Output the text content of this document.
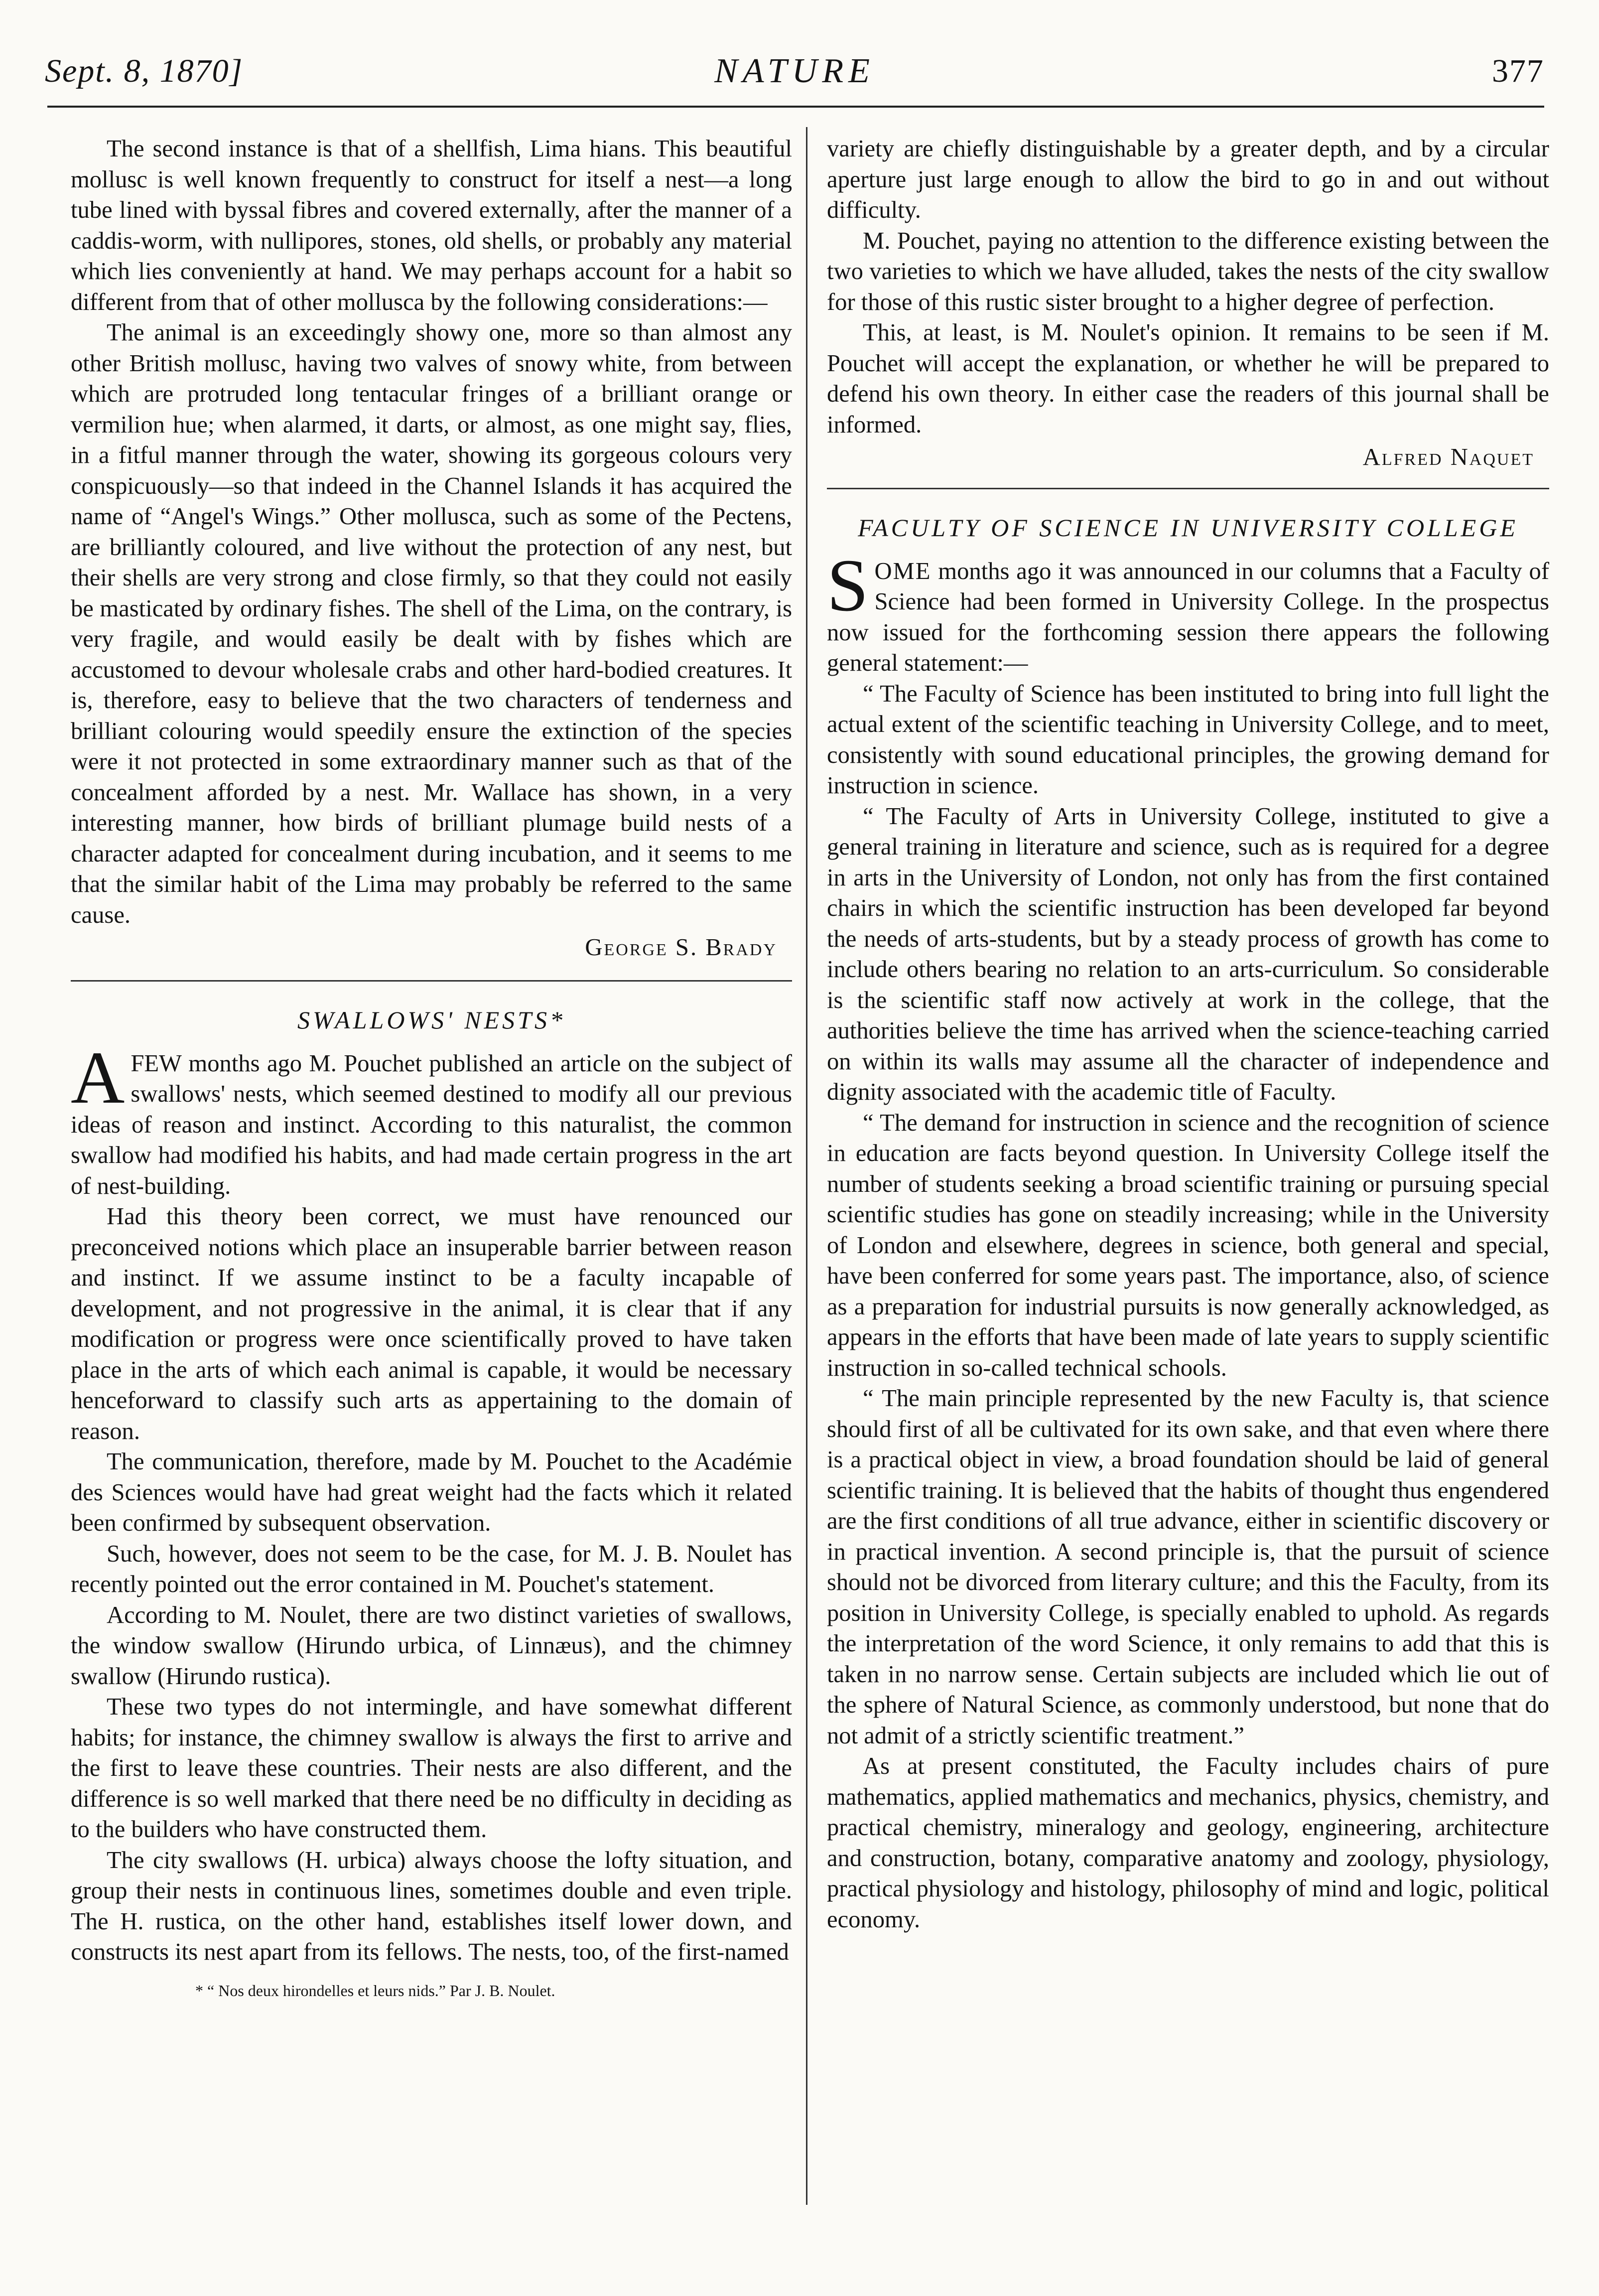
Sept. 8, 1870]	NATURE	377

The second instance is that of a shellfish, Lima hians. This beautiful mollusc is well known frequently to construct for itself a nest—a long tube lined with byssal fibres and covered externally, after the manner of a caddis-worm, with nullipores, stones, old shells, or probably any material which lies conveniently at hand. We may perhaps account for a habit so different from that of other mollusca by the following considerations:—

The animal is an exceedingly showy one, more so than almost any other British mollusc, having two valves of snowy white, from between which are protruded long tentacular fringes of a brilliant orange or vermilion hue; when alarmed, it darts, or almost, as one might say, flies, in a fitful manner through the water, showing its gorgeous colours very conspicuously—so that indeed in the Channel Islands it has acquired the name of “Angel's Wings.” Other mollusca, such as some of the Pectens, are brilliantly coloured, and live without the protection of any nest, but their shells are very strong and close firmly, so that they could not easily be masticated by ordinary fishes. The shell of the Lima, on the contrary, is very fragile, and would easily be dealt with by fishes which are accustomed to devour wholesale crabs and other hard-bodied creatures. It is, therefore, easy to believe that the two characters of tenderness and brilliant colouring would speedily ensure the extinction of the species were it not protected in some extraordinary manner such as that of the concealment afforded by a nest. Mr. Wallace has shown, in a very interesting manner, how birds of brilliant plumage build nests of a character adapted for concealment during incubation, and it seems to me that the similar habit of the Lima may probably be referred to the same cause.

George S. Brady
SWALLOWS' NESTS*

AFEW months ago M. Pouchet published an article on the subject of swallows' nests, which seemed destined to modify all our previous ideas of reason and instinct. According to this naturalist, the common swallow had modified his habits, and had made certain progress in the art of nest-building.

Had this theory been correct, we must have renounced our preconceived notions which place an insuperable barrier between reason and instinct. If we assume instinct to be a faculty incapable of development, and not progressive in the animal, it is clear that if any modification or progress were once scientifically proved to have taken place in the arts of which each animal is capable, it would be necessary henceforward to classify such arts as appertaining to the domain of reason.

The communication, therefore, made by M. Pouchet to the Académie des Sciences would have had great weight had the facts which it related been confirmed by subsequent observation.

Such, however, does not seem to be the case, for M. J. B. Noulet has recently pointed out the error contained in M. Pouchet's statement.

According to M. Noulet, there are two distinct varieties of swallows, the window swallow (Hirundo urbica, of Linnæus), and the chimney swallow (Hirundo rustica).

These two types do not intermingle, and have somewhat different habits; for instance, the chimney swallow is always the first to arrive and the first to leave these countries. Their nests are also different, and the difference is so well marked that there need be no difficulty in deciding as to the builders who have constructed them.

The city swallows (H. urbica) always choose the lofty situation, and group their nests in continuous lines, sometimes double and even triple. The H. rustica, on the other hand, establishes itself lower down, and constructs its nest apart from its fellows. The nests, too, of the first-named

* “ Nos deux hirondelles et leurs nids.” Par J. B. Noulet.

variety are chiefly distinguishable by a greater depth, and by a circular aperture just large enough to allow the bird to go in and out without difficulty.

M. Pouchet, paying no attention to the difference existing between the two varieties to which we have alluded, takes the nests of the city swallow for those of this rustic sister brought to a higher degree of perfection.

This, at least, is M. Noulet's opinion. It remains to be seen if M. Pouchet will accept the explanation, or whether he will be prepared to defend his own theory. In either case the readers of this journal shall be informed.

Alfred Naquet
FACULTY OF SCIENCE IN UNIVERSITY COLLEGE

SOME months ago it was announced in our columns that a Faculty of Science had been formed in University College. In the prospectus now issued for the forthcoming session there appears the following general statement:—

“ The Faculty of Science has been instituted to bring into full light the actual extent of the scientific teaching in University College, and to meet, consistently with sound educational principles, the growing demand for instruction in science.

“ The Faculty of Arts in University College, instituted to give a general training in literature and science, such as is required for a degree in arts in the University of London, not only has from the first contained chairs in which the scientific instruction has been developed far beyond the needs of arts-students, but by a steady process of growth has come to include others bearing no relation to an arts-curriculum. So considerable is the scientific staff now actively at work in the college, that the authorities believe the time has arrived when the science-teaching carried on within its walls may assume all the character of independence and dignity associated with the academic title of Faculty.

“ The demand for instruction in science and the recognition of science in education are facts beyond question. In University College itself the number of students seeking a broad scientific training or pursuing special scientific studies has gone on steadily increasing; while in the University of London and elsewhere, degrees in science, both general and special, have been conferred for some years past. The importance, also, of science as a preparation for industrial pursuits is now generally acknowledged, as appears in the efforts that have been made of late years to supply scientific instruction in so-called technical schools.

“ The main principle represented by the new Faculty is, that science should first of all be cultivated for its own sake, and that even where there is a practical object in view, a broad foundation should be laid of general scientific training. It is believed that the habits of thought thus engendered are the first conditions of all true advance, either in scientific discovery or in practical invention. A second principle is, that the pursuit of science should not be divorced from literary culture; and this the Faculty, from its position in University College, is specially enabled to uphold. As regards the interpretation of the word Science, it only remains to add that this is taken in no narrow sense. Certain subjects are included which lie out of the sphere of Natural Science, as commonly understood, but none that do not admit of a strictly scientific treatment.”

As at present constituted, the Faculty includes chairs of pure mathematics, applied mathematics and mechanics, physics, chemistry, and practical chemistry, mineralogy and geology, engineering, architecture and construction, botany, comparative anatomy and zoology, physiology, practical physiology and histology, philosophy of mind and logic, political economy.
